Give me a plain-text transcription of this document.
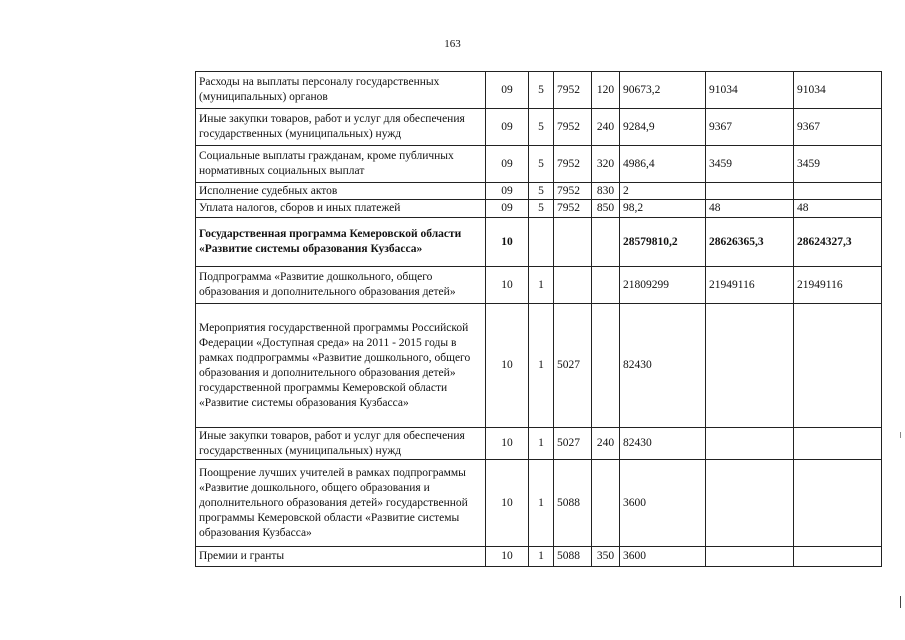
163
Расходы на выплаты персоналу государственных (муниципальных) органов	09	5	7952	120	90673,2	91034	91034
Иные закупки товаров, работ и услуг для обеспечения государственных (муниципальных) нужд	09	5	7952	240	9284,9	9367	9367
Социальные выплаты гражданам, кроме публичных нормативных социальных выплат	09	5	7952	320	4986,4	3459	3459
Исполнение судебных актов	09	5	7952	830	2		
Уплата налогов, сборов и иных платежей	09	5	7952	850	98,2	48	48
Государственная программа Кемеровской области «Развитие системы образования Кузбасса»	10				28579810,2	28626365,3	28624327,3
Подпрограмма «Развитие дошкольного, общего образования и дополнительного образования детей»	10	1			21809299	21949116	21949116
Мероприятия государственной программы Российской Федерации «Доступная среда» на 2011 - 2015 годы в рамках подпрограммы «Развитие дошкольного, общего образования и дополнительного образования детей» государственной программы Кемеровской области «Развитие системы образования Кузбасса»	10	1	5027		82430		
Иные закупки товаров, работ и услуг для обеспечения государственных (муниципальных) нужд	10	1	5027	240	82430		
Поощрение лучших учителей в рамках подпрограммы «Развитие дошкольного, общего образования и дополнительного образования детей» государственной программы Кемеровской области «Развитие системы образования Кузбасса»	10	1	5088		3600		
Премии и гранты	10	1	5088	350	3600		
